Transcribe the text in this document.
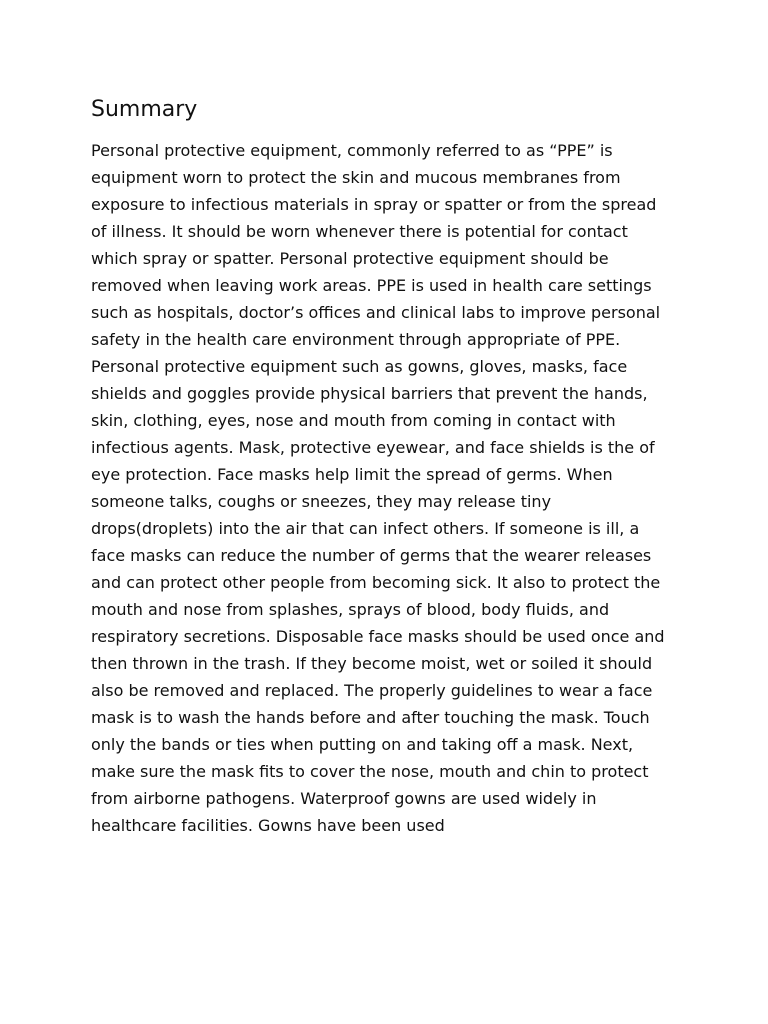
Summary
Personal protective equipment, commonly referred to as “PPE” is
equipment worn to protect the skin and mucous membranes from
exposure to infectious materials in spray or spatter or from the spread
of illness. It should be worn whenever there is potential for contact
which spray or spatter. Personal protective equipment should be
removed when leaving work areas. PPE is used in health care settings
such as hospitals, doctor’s offices and clinical labs to improve personal
safety in the health care environment through appropriate of PPE.
Personal protective equipment such as gowns, gloves, masks, face
shields and goggles provide physical barriers that prevent the hands,
skin, clothing, eyes, nose and mouth from coming in contact with
infectious agents. Mask, protective eyewear, and face shields is the of
eye protection. Face masks help limit the spread of germs. When
someone talks, coughs or sneezes, they may release tiny
drops(droplets) into the air that can infect others. If someone is ill, a
face masks can reduce the number of germs that the wearer releases
and can protect other people from becoming sick. It also to protect the
mouth and nose from splashes, sprays of blood, body fluids, and
respiratory secretions. Disposable face masks should be used once and
then thrown in the trash. If they become moist, wet or soiled it should
also be removed and replaced. The properly guidelines to wear a face
mask is to wash the hands before and after touching the mask. Touch
only the bands or ties when putting on and taking off a mask. Next,
make sure the mask fits to cover the nose, mouth and chin to protect
from airborne pathogens. Waterproof gowns are used widely in
healthcare facilities. Gowns have been used
